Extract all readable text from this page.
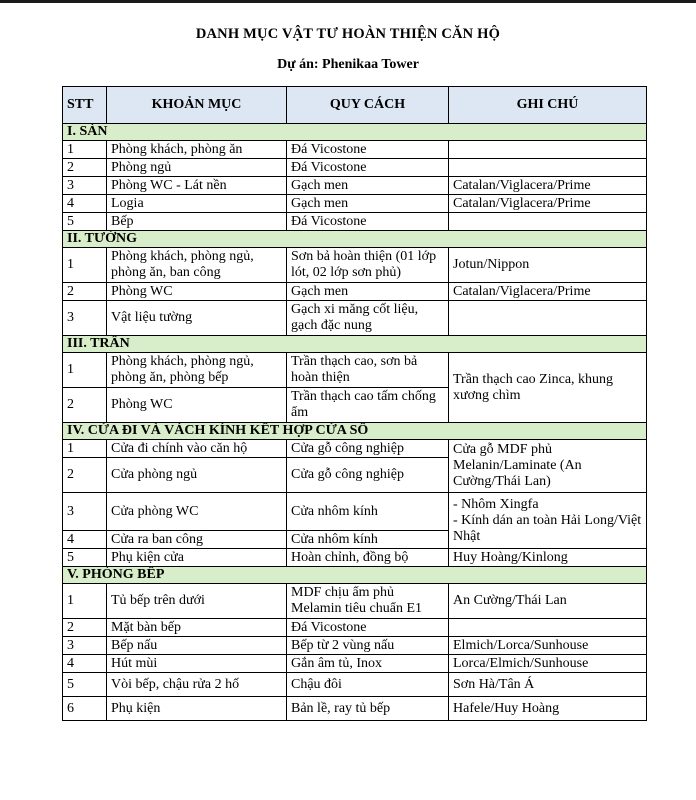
DANH MỤC VẬT TƯ HOÀN THIỆN CĂN HỘ
Dự án: Phenikaa Tower
STT	KHOẢN MỤC	QUY CÁCH	GHI CHÚ
I. SÀN			
1	Phòng khách, phòng ăn	Đá Vicostone	
2	Phòng ngủ	Đá Vicostone	
3	Phòng WC - Lát nền	Gạch men	Catalan/Viglacera/Prime
4	Logia	Gạch men	Catalan/Viglacera/Prime
5	Bếp	Đá Vicostone	
II. TƯỜNG			
1	Phòng khách, phòng ngủ, phòng ăn, ban công	Sơn bả hoàn thiện (01 lớp lót, 02 lớp sơn phủ)	Jotun/Nippon
2	Phòng WC	Gạch men	Catalan/Viglacera/Prime
3	Vật liệu tường	Gạch xi măng cốt liệu, gạch đặc nung	
III. TRẦN			
1	Phòng khách, phòng ngủ, phòng ăn, phòng bếp	Trần thạch cao, sơn bả hoàn thiện	Trần thạch cao Zinca, khung xương chìm
2	Phòng WC	Trần thạch cao tấm chống ẩm	
IV. CỬA ĐI VÀ VÁCH KÍNH KẾT HỢP CỬA SỔ			
1	Cửa đi chính vào căn hộ	Cửa gỗ công nghiệp	Cửa gỗ MDF phủ Melanin/Laminate (An Cường/Thái Lan)
2	Cửa phòng ngủ	Cửa gỗ công nghiệp	
3	Cửa phòng WC	Cửa nhôm kính	- Nhôm Xingfa
- Kính dán an toàn Hải Long/Việt Nhật

4	Cửa ra ban công	Cửa nhôm kính	
5	Phụ kiện cửa	Hoàn chỉnh, đồng bộ	Huy Hoàng/Kinlong
V. PHÒNG BẾP			
1	Tủ bếp trên dưới	MDF chịu ẩm phủ Melamin tiêu chuẩn E1	An Cường/Thái Lan
2	Mặt bàn bếp	Đá Vicostone	
3	Bếp nấu	Bếp từ 2 vùng nấu	Elmich/Lorca/Sunhouse
4	Hút mùi	Gắn âm tủ, Inox	Lorca/Elmich/Sunhouse
5	Vòi bếp, chậu rửa 2 hố	Chậu đôi	Sơn Hà/Tân Á
6	Phụ kiện	Bản lề, ray tủ bếp	Hafele/Huy Hoàng
